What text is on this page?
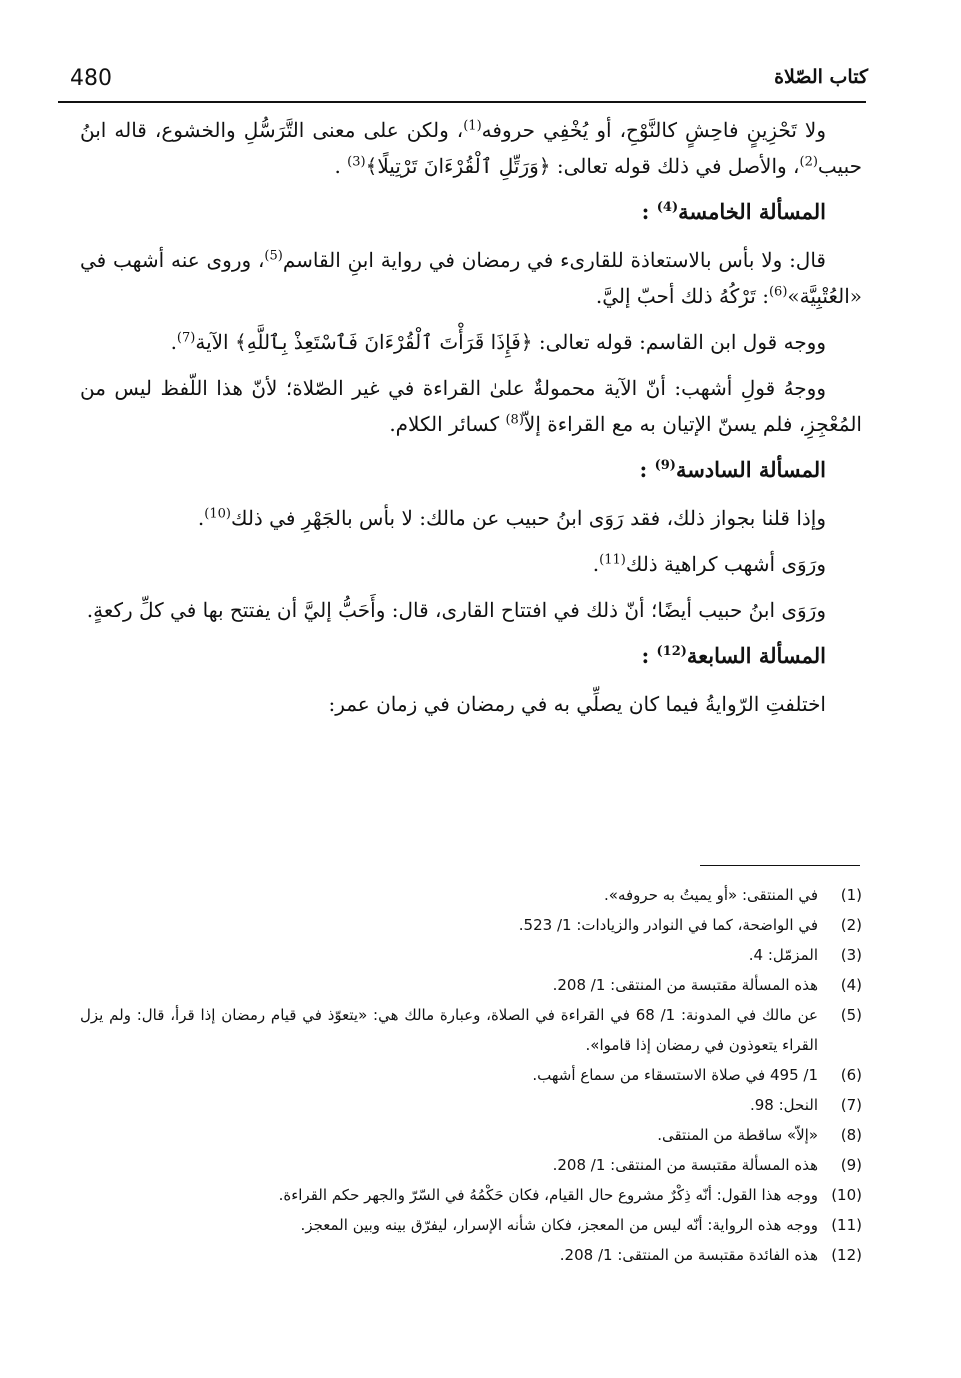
480	كتاب الصّلاة

ولا تَحْزِينٍ فاحِشٍ كالنَّوْحِ، أو يُخْفِي حروفه$^{(1)}$، ولكن على معنى التَّرَسُّلِ والخشوع، قاله ابنُ حبيب$^{(2)}$، والأصل في ذلك قوله تعالى: ﴿وَرَتِّلِ ٱلْقُرْءَانَ تَرْتِيلًا﴾$^{(3)}$ .

المسألة الخامسة$^{(4)}$ :

قال: ولا بأس بالاستعاذة للقارىء في رمضان في رواية ابنِ القاسم$^{(5)}$، وروى عنه أشهب في «العُتْبِيَّة»$^{(6)}$: تَرْكُهُ ذلك أحبّ إليَّ.

ووجه قول ابن القاسم: قوله تعالى: ﴿فَإِذَا قَرَأْتَ ٱلْقُرْءَانَ فَٱسْتَعِذْ بِٱللَّهِ﴾ الآية$^{(7)}$.

ووجهُ قولِ أشهب: أنّ الآية محمولةٌ علىٰ القراءة في غير الصّلاة؛ لأنّ هذا اللّفظ ليس من المُعْجِزِ، فلم يسنّ الإتيان به مع القراءة إلاّ$^{(8)}$ كسائر الكلام.

المسألة السادسة$^{(9)}$ :

وإذا قلنا بجواز ذلك، فقد رَوَى ابنُ حبيب عن مالك: لا بأس بالجَهْرِ في ذلك$^{(10)}$.

ورَوَى أشهب كراهية ذلك$^{(11)}$.

ورَوَى ابنُ حبيب أيضًا؛ أنّ ذلك في افتتاح القارى، قال: وأَحَبُّ إليَّ أن يفتتح بها في كلِّ ركعةٍ.

المسألة السابعة$^{(12)}$ :

اختلفتِ الرّوايةُ فيما كان يصلِّي به في رمضان في زمان عمر:

(1)
في المنتقى: «أو يميتُ به حروفه».
(2)
في الواضحة، كما في النوادر والزيادات: 1/ 523.
(3)
المزمّل: 4.
(4)
هذه المسألة مقتبسة من المنتقى: 1/ 208.
(5)
عن مالك في المدونة: 1/ 68 في القراءة في الصلاة، وعبارة مالك هي: «يتعوّذ في قيام رمضان إذا قرأ، قال: ولم يزل القراء يتعوذون في رمضان إذا قاموا».
(6)
1/ 495 في صلاة الاستسقاء من سماع أشهب.
(7)
النحل: 98.
(8)
«إلاّ» ساقطة من المنتقى.
(9)
هذه المسألة مقتبسة من المنتقى: 1/ 208.
(10)
ووجه هذا القول: أنّه ذِكْرٌ مشروع حال القيام، فكان حَكْمُهُ في السّرّ والجهر حكم القراءة.
(11)
ووجه هذه الرواية: أنّه ليس من المعجز، فكان شأنه الإسرار، ليفرّق بينه وبين المعجز.
(12)
هذه الفائدة مقتبسة من المنتقى: 1/ 208.
